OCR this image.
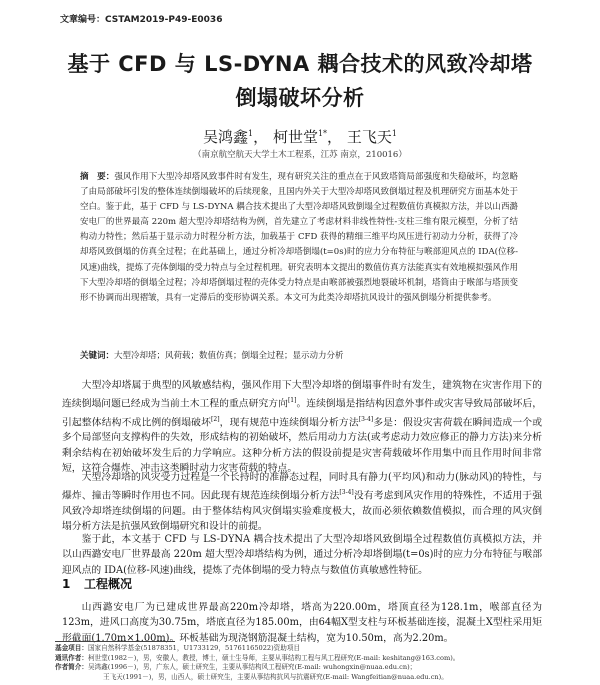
文章编号：CSTAM2019-P49-E0036
基于 CFD 与 LS-DYNA 耦合技术的风致冷却塔
倒塌破坏分析
吴鸿鑫$^1$， 柯世堂$^{1*}$， 王飞天$^1$
（南京航空航天大学土木工程系，江苏 南京，210016）
摘　要：强风作用下大型冷却塔风致事件时有发生，现有研究关注的重点在于风致塔筒局部强度和失稳破坏，均忽略了由局部破坏引发的整体连续倒塌破坏的后续现象，且国内外关于大型冷却塔风致倒塌过程及机理研究方面基本处于空白。鉴于此，基于 CFD 与 LS-DYNA 耦合技术提出了大型冷却塔风致倒塌全过程数值仿真模拟方法，并以山西潞安电厂的世界最高 220m 超大型冷却塔结构为例，首先建立了考虑材料非线性特性-支柱三维有限元模型，分析了结构动力特性；然后基于显示动力时程分析方法，加载基于 CFD 获得的精细三维平均风压进行初动力分析，获得了冷却塔风致倒塌的仿真全过程；在此基础上，通过分析冷却塔倒塌(t=0s)时的应力分布特征与喉部迎风点的 IDA(位移-风速)曲线，提炼了壳体倒塌的受力特点与全过程机理。研究表明本文提出的数值仿真方法能真实有效地模拟强风作用下大型冷却塔的倒塌全过程；冷却塔倒塌过程的壳体受力特点是由喉部被强烈地裂破坏机制，塔筒由于喉部与塔顶变形不协调而出现褶皱，具有一定滞后的变形协调关系。本文可为此类冷却塔抗风设计的强风倒塌分析提供参考。
关键词：大型冷却塔；风荷载；数值仿真；倒塌全过程；显示动力分析
大型冷却塔属于典型的风敏感结构，强风作用下大型冷却塔的倒塌事件时有发生，建筑物在灾害作用下的连续倒塌问题已经成为当前土木工程的重点研究方向[1]。连续倒塌是指结构因意外事件或灾害导致局部破坏后，引起整体结构不成比例的倒塌破坏[2]，现有规范中连续倒塌分析方法[3-4]多是：假设灾害荷载在瞬间造成一个或多个局部竖向支撑构件的失效，形成结构的初始破坏，然后用动力方法(或考虑动力效应修正的静力方法)来分析剩余结构在初始破坏发生后的力学响应。这种分析方法的假设前提是灾害荷载破坏作用集中而且作用时间非常短，这符合爆炸、冲击这类瞬时动力灾害荷载的特点。
大型冷却塔的风灾受力过程是一个长持时的准静态过程，同时具有静力(平均风)和动力(脉动风)的特性，与爆炸、撞击等瞬时作用也不同。因此现有规范连续倒塌分析方法[3-4]没有考虑到风灾作用的特殊性，不适用于强风致冷却塔连续倒塌的问题。由于整体结构风灾倒塌实验难度极大，故而必须依赖数值模拟，而合理的风灾倒塌分析方法是抗强风致倒塌研究和设计的前提。
鉴于此，本文基于 CFD 与 LS-DYNA 耦合技术提出了大型冷却塔风致倒塌全过程数值仿真模拟方法，并以山西潞安电厂世界最高 220m 超大型冷却塔结构为例，通过分析冷却塔倒塌(t=0s)时的应力分布特征与喉部迎风点的 IDA(位移-风速)曲线，提炼了壳体倒塌的受力特点与数值仿真敏感性特征。
1 工程概况
山西潞安电厂为已建成世界最高220m冷却塔，塔高为220.00m，塔顶直径为128.1m，喉部直径为123m，进风口高度为30.75m，塔底直径为185.00m，由64幅X型支柱与环板基础连接，混凝土X型柱采用矩形截面(1.70m×1.00m)。环板基础为现浇钢筋混凝土结构，宽为10.50m，高为2.20m。
基金项目：国家自然科学基金(51878351，U1733129，51761165022)资助项目
通讯作者：柯世堂(1982－)，男，安徽人，教授，博士，硕士生导师，主要从事结构工程与风工程研究(E-mail: keshitang@163.com)。
作者简介：吴鸿鑫(1996－)，男，广东人，硕士研究生，主要从事结构风工程研究(E-mail: wuhongxin@nuaa.edu.cn)；
王飞天(1991－)，男，山西人，硕士研究生，主要从事结构抗风与抗震研究(E-mail: Wangfeitian@nuaa.edu.cn)。
